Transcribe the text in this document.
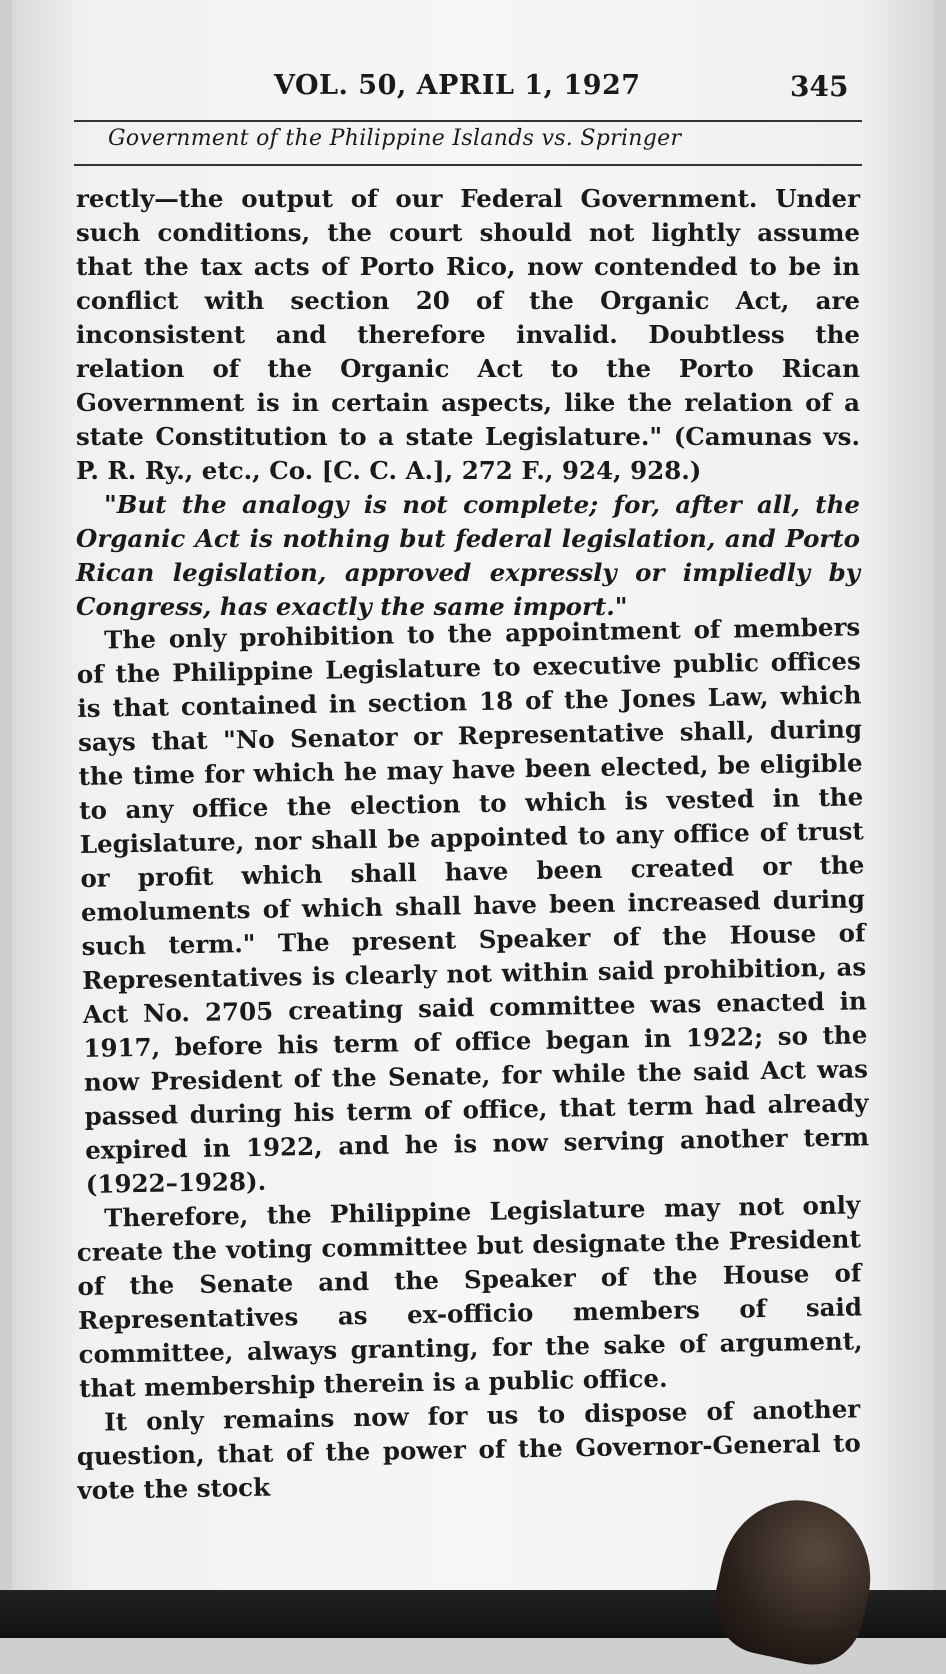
VOL. 50, APRIL 1, 1927	345
Government of the Philippine Islands vs. Springer

rectly—the output of our Federal Government. Under such conditions, the court should not lightly assume that the tax acts of Porto Rico, now contended to be in conflict with section 20 of the Organic Act, are inconsistent and therefore invalid. Doubtless the relation of the Organic Act to the Porto Rican Government is in certain aspects, like the relation of a state Constitution to a state Legislature." (Camunas vs. P. R. Ry., etc., Co. [C. C. A.], 272 F., 924, 928.)

"But the analogy is not complete; for, after all, the Organic Act is nothing but federal legislation, and Porto Rican legislation, approved expressly or impliedly by Congress, has exactly the same import."

The only prohibition to the appointment of members of the Philippine Legislature to executive public offices is that contained in section 18 of the Jones Law, which says that "No Senator or Representative shall, during the time for which he may have been elected, be eligible to any office the election to which is vested in the Legislature, nor shall be appointed to any office of trust or profit which shall have been created or the emoluments of which shall have been increased during such term." The present Speaker of the House of Representatives is clearly not within said prohibition, as Act No. 2705 creating said committee was enacted in 1917, before his term of office began in 1922; so the now President of the Senate, for while the said Act was passed during his term of office, that term had already expired in 1922, and he is now serving another term (1922–1928).

Therefore, the Philippine Legislature may not only create the voting committee but designate the President of the Senate and the Speaker of the House of Representatives as ex-officio members of said committee, always granting, for the sake of argument, that membership therein is a public office.

It only remains now for us to dispose of another question, that of the power of the Governor-General to vote the stock
